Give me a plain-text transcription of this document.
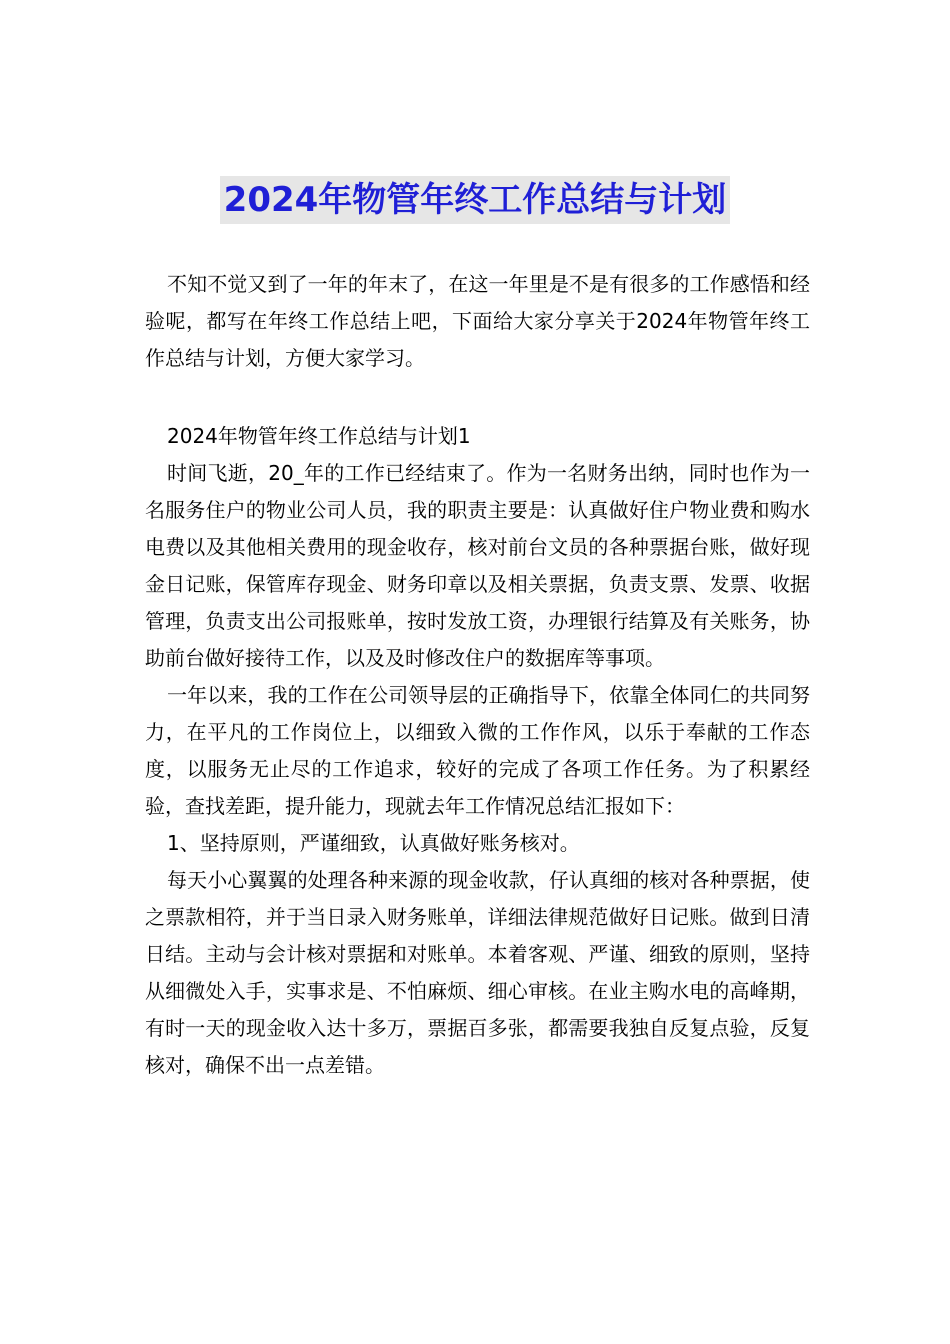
2024年物管年终工作总结与计划

不知不觉又到了一年的年末了，在这一年里是不是有很多的工作感悟和经验呢，都写在年终工作总结上吧，下面给大家分享关于2024年物管年终工作总结与计划，方便大家学习。

2024年物管年终工作总结与计划1

时间飞逝，20_年的工作已经结束了。作为一名财务出纳，同时也作为一名服务住户的物业公司人员，我的职责主要是：认真做好住户物业费和购水电费以及其他相关费用的现金收存，核对前台文员的各种票据台账，做好现金日记账，保管库存现金、财务印章以及相关票据，负责支票、发票、收据管理，负责支出公司报账单，按时发放工资，办理银行结算及有关账务，协助前台做好接待工作，以及及时修改住户的数据库等事项。

一年以来，我的工作在公司领导层的正确指导下，依靠全体同仁的共同努力，在平凡的工作岗位上，以细致入微的工作作风，以乐于奉献的工作态度，以服务无止尽的工作追求，较好的完成了各项工作任务。为了积累经验，查找差距，提升能力，现就去年工作情况总结汇报如下：

1、坚持原则，严谨细致，认真做好账务核对。

每天小心翼翼的处理各种来源的现金收款，仔认真细的核对各种票据，使之票款相符，并于当日录入财务账单，详细法律规范做好日记账。做到日清日结。主动与会计核对票据和对账单。本着客观、严谨、细致的原则，坚持从细微处入手，实事求是、不怕麻烦、细心审核。在业主购水电的高峰期，有时一天的现金收入达十多万，票据百多张，都需要我独自反复点验，反复核对，确保不出一点差错。
